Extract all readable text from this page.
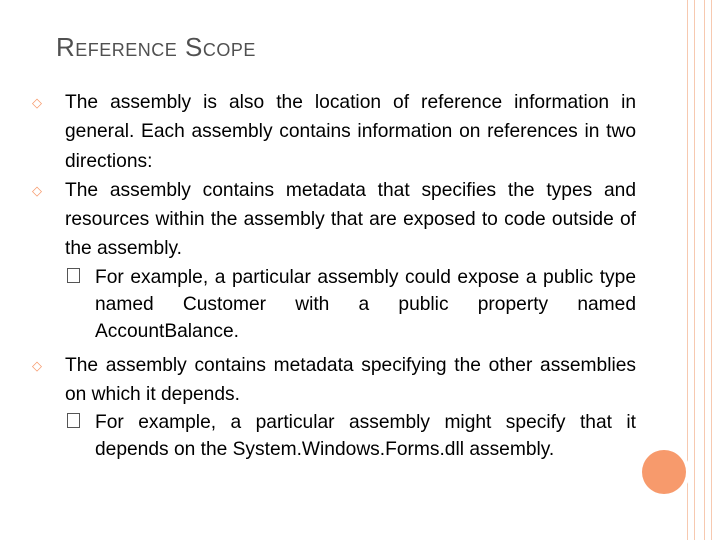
Reference Scope
◇ The assembly is also the location of reference information in general. Each assembly contains information on references in two directions:
◇ The assembly contains metadata that specifies the types and resources within the assembly that are exposed to code outside of the assembly.
For example, a particular assembly could expose a public type named Customer with a public property named AccountBalance.
◇ The assembly contains metadata specifying the other assemblies on which it depends.
For example, a particular assembly might specify that it depends on the System.Windows.Forms.dll assembly.
